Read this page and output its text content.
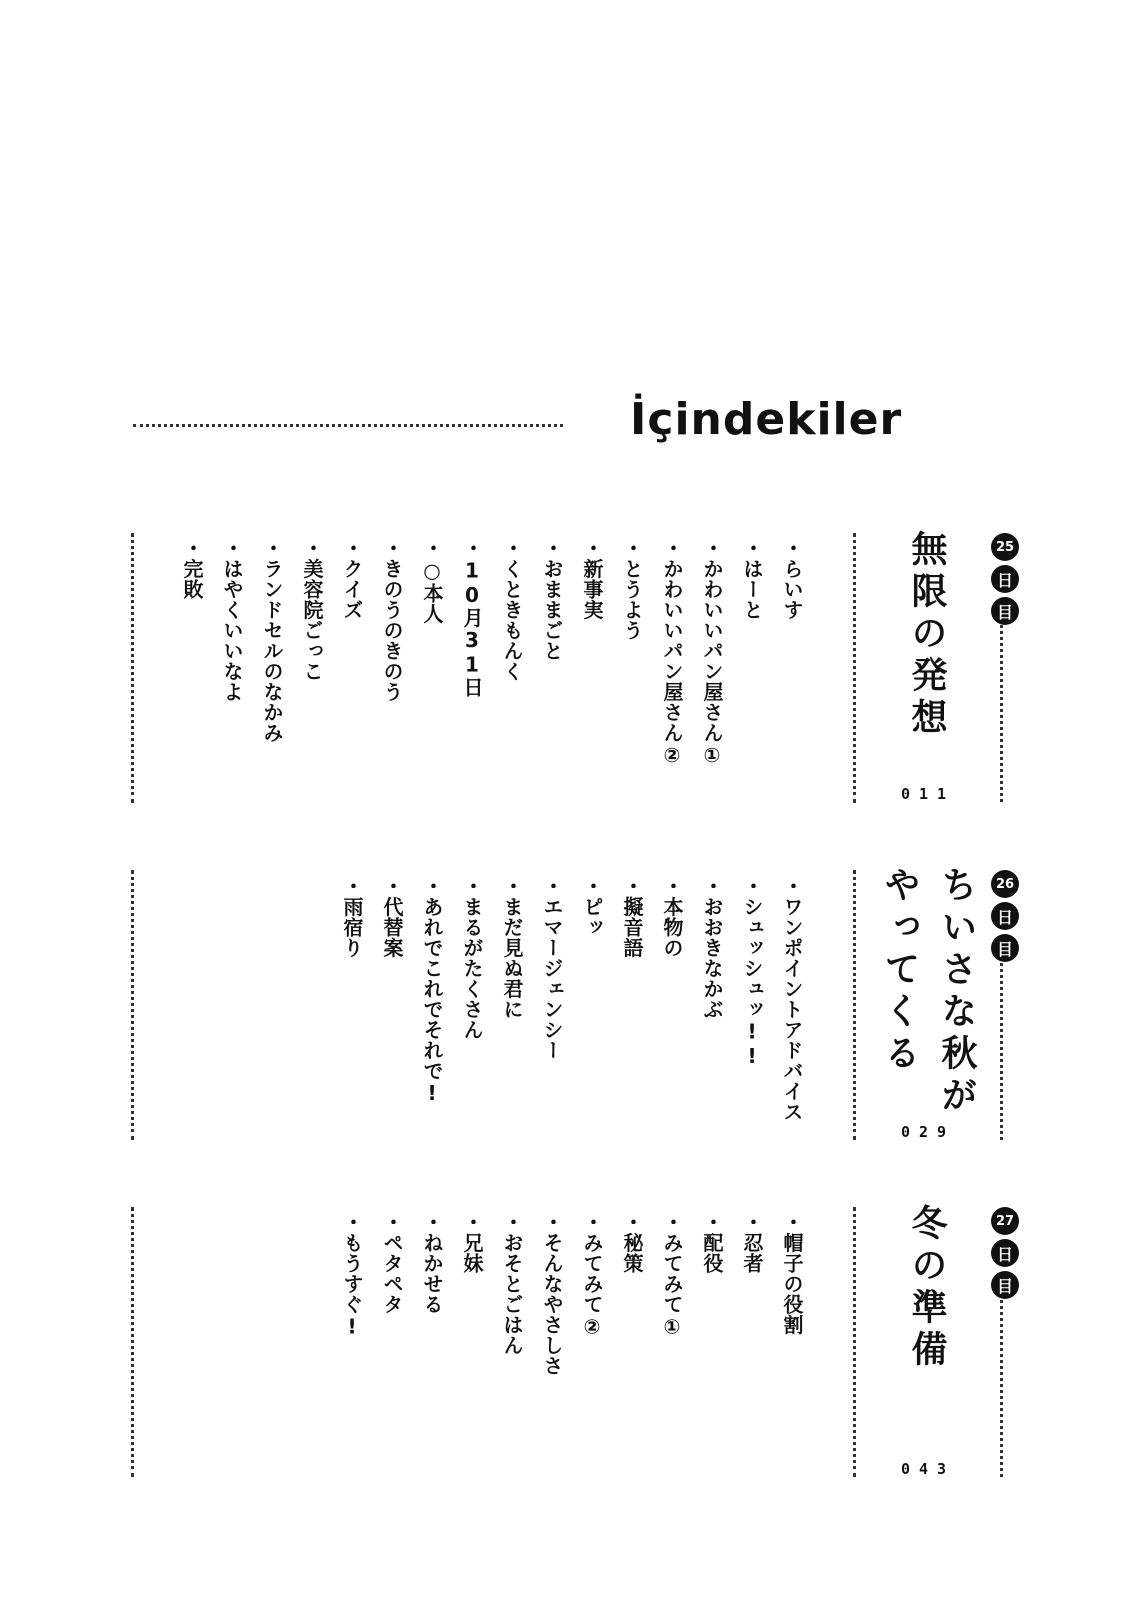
İçindekiler
25
日
目
無限の発想
011
・らいす
・はーと
・かわいいパン屋さん①
・かわいいパン屋さん②
・とうよう
・新事実
・おままごと
・くときもんく
・10月31日
・○本人
・きのうのきのう
・クイズ
・美容院ごっこ
・ランドセルのなかみ
・はやくいいなよ
・完敗
26
日
目
ちいさな秋が
やってくる
029
・ワンポイントアドバイス
・シュッシュッ!!
・おおきなかぶ
・本物の
・擬音語
・ピッ
・エマージェンシー
・まだ見ぬ君に
・まるがたくさん
・あれでこれでそれで!
・代替案
・雨宿り
27
日
目
冬の準備
043
・帽子の役割
・忍者
・配役
・みてみて①
・秘策
・みてみて②
・そんなやさしさ
・おそとごはん
・兄妹
・ねかせる
・ペタペタ
・もうすぐ!
